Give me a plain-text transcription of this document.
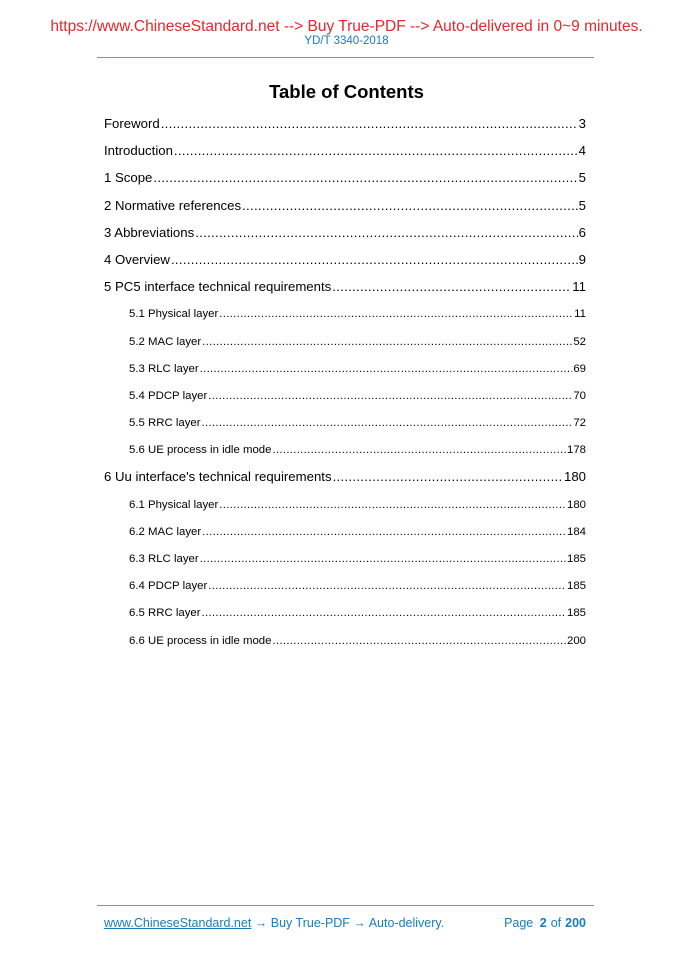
https://www.ChineseStandard.net --> Buy True-PDF --> Auto-delivered in 0~9 minutes.
YD/T 3340-2018
Table of Contents
Foreword .....	3
Introduction .....	4
1 Scope .....	5
2 Normative references .....	5
3 Abbreviations .....	6
4 Overview .....	9
5 PC5 interface technical requirements .....	11
5.1 Physical layer .....	11
5.2 MAC layer .....	52
5.3 RLC layer .....	69
5.4 PDCP layer .....	70
5.5 RRC layer .....	72
5.6 UE process in idle mode .....	178
6 Uu interface's technical requirements .....	180
6.1 Physical layer .....	180
6.2 MAC layer .....	184
6.3 RLC layer .....	185
6.4 PDCP layer .....	185
6.5 RRC layer .....	185
6.6 UE process in idle mode .....	200
www.ChineseStandard.net → Buy True-PDF → Auto-delivery.	Page 2 of 200
